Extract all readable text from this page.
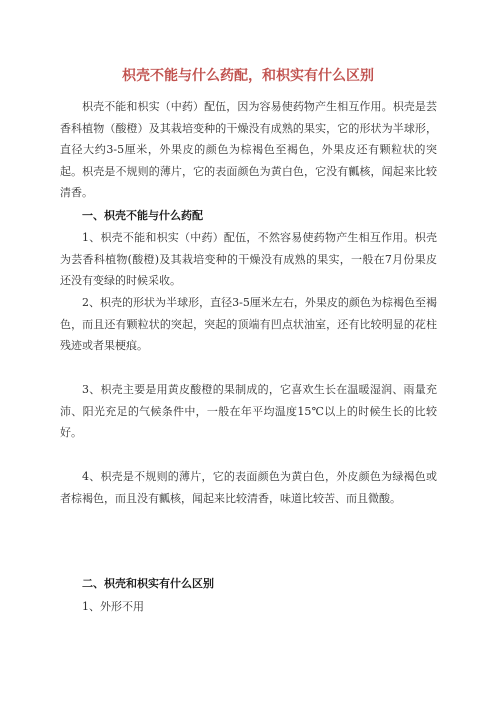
枳壳不能与什么药配，和枳实有什么区别
枳壳不能和枳实（中药）配伍，因为容易使药物产生相互作用。枳壳是芸香科植物（酸橙）及其栽培变种的干燥没有成熟的果实，它的形状为半球形，直径大约3-5厘米，外果皮的颜色为棕褐色至褐色，外果皮还有颗粒状的突起。枳壳是不规则的薄片，它的表面颜色为黄白色，它没有瓤核，闻起来比较清香。
一、枳壳不能与什么药配
1、枳壳不能和枳实（中药）配伍，不然容易使药物产生相互作用。枳壳为芸香科植物(酸橙)及其栽培变种的干燥没有成熟的果实，一般在7月份果皮还没有变绿的时候采收。
2、枳壳的形状为半球形，直径3-5厘米左右，外果皮的颜色为棕褐色至褐色，而且还有颗粒状的突起，突起的顶端有凹点状油室，还有比较明显的花柱残迹或者果梗痕。
3、枳壳主要是用黄皮酸橙的果制成的，它喜欢生长在温暖湿润、雨量充沛、阳光充足的气候条件中，一般在年平均温度15℃以上的时候生长的比较好。
4、枳壳是不规则的薄片，它的表面颜色为黄白色，外皮颜色为绿褐色或者棕褐色，而且没有瓤核，闻起来比较清香，味道比较苦、而且微酸。
二、枳壳和枳实有什么区别
1、外形不用
